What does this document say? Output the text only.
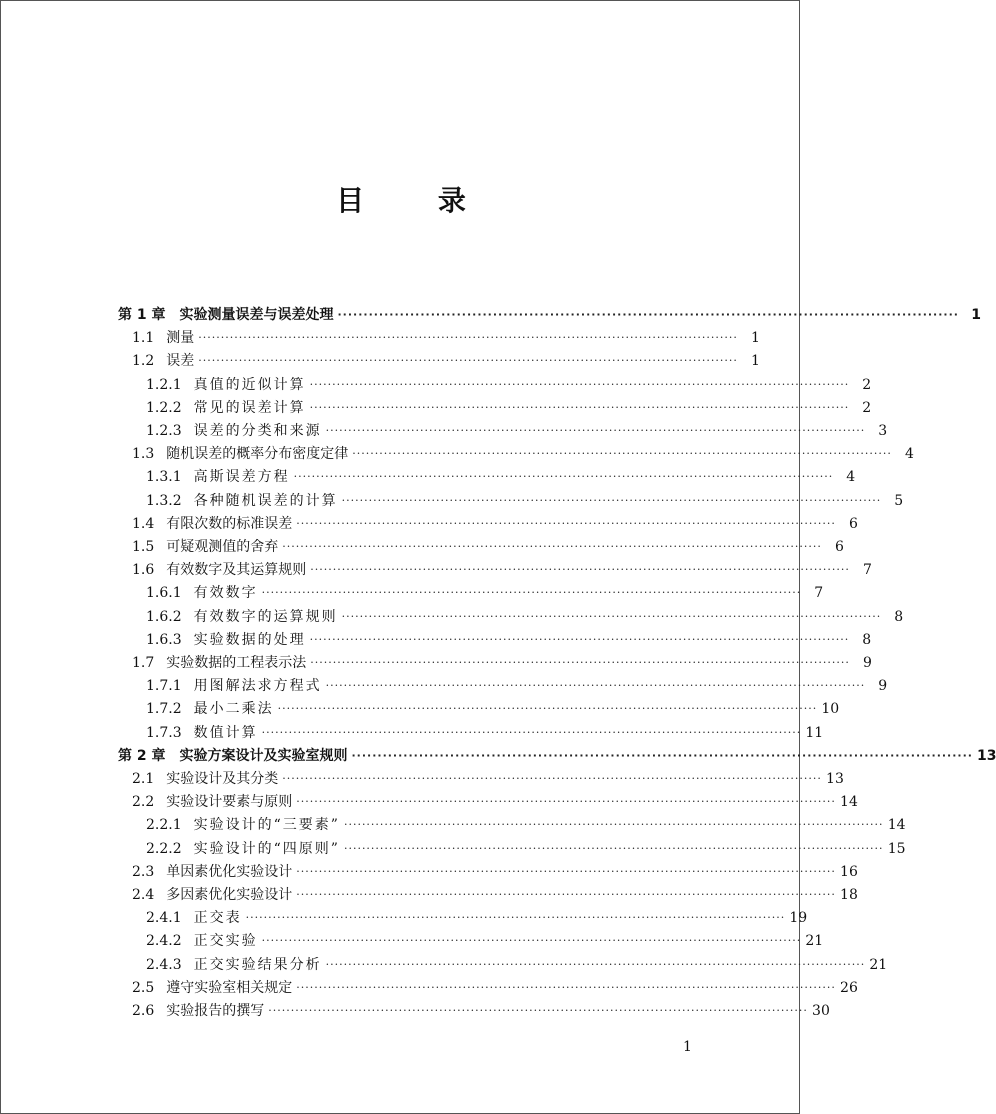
目 录
第 1 章 实验测量误差与误差处理 ························································································································ 1
1.1 测量 ························································································································ 1
1.2 误差 ························································································································ 1
1.2.1 真值的近似计算 ························································································································ 2
1.2.2 常见的误差计算 ························································································································ 2
1.2.3 误差的分类和来源 ························································································································ 3
1.3 随机误差的概率分布密度定律 ························································································································ 4
1.3.1 高斯误差方程 ························································································································ 4
1.3.2 各种随机误差的计算 ························································································································ 5
1.4 有限次数的标准误差 ························································································································ 6
1.5 可疑观测值的舍弃 ························································································································ 6
1.6 有效数字及其运算规则 ························································································································ 7
1.6.1 有效数字 ························································································································ 7
1.6.2 有效数字的运算规则 ························································································································ 8
1.6.3 实验数据的处理 ························································································································ 8
1.7 实验数据的工程表示法 ························································································································ 9
1.7.1 用图解法求方程式 ························································································································ 9
1.7.2 最小二乘法 ························································································································ 10
1.7.3 数值计算 ························································································································ 11
第 2 章 实验方案设计及实验室规则 ························································································································ 13
2.1 实验设计及其分类 ························································································································ 13
2.2 实验设计要素与原则 ························································································································ 14
2.2.1 实验设计的“三要素” ························································································································ 14
2.2.2 实验设计的“四原则” ························································································································ 15
2.3 单因素优化实验设计 ························································································································ 16
2.4 多因素优化实验设计 ························································································································ 18
2.4.1 正交表 ························································································································ 19
2.4.2 正交实验 ························································································································ 21
2.4.3 正交实验结果分析 ························································································································ 21
2.5 遵守实验室相关规定 ························································································································ 26
2.6 实验报告的撰写 ························································································································ 30
1
